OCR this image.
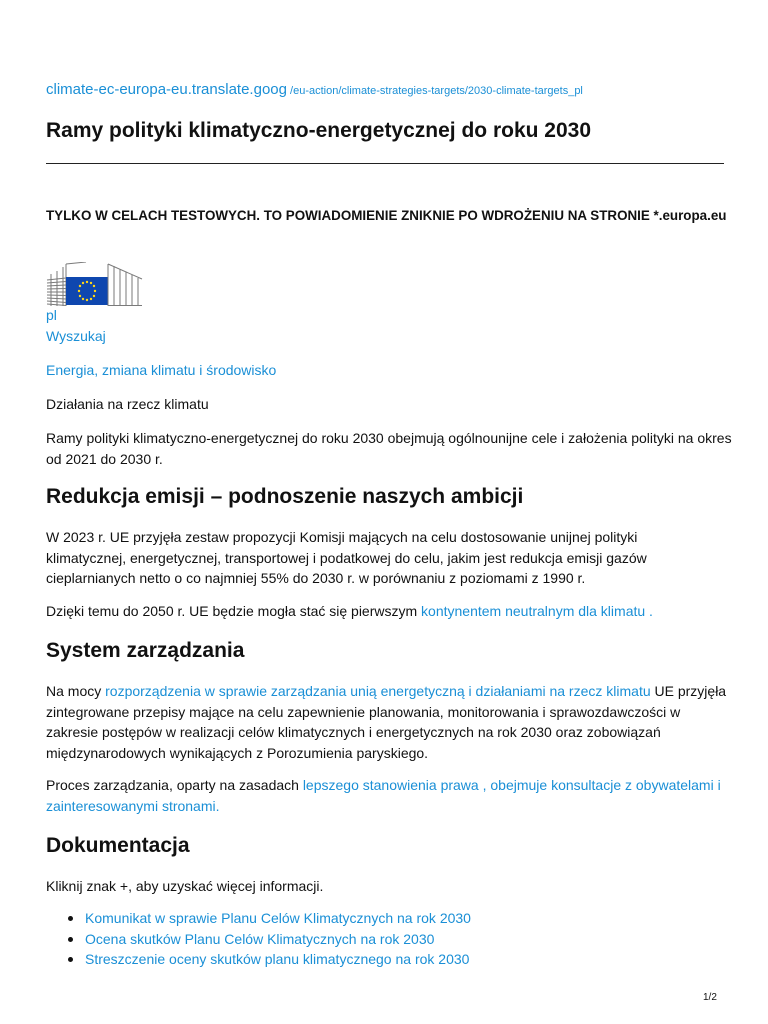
climate-ec-europa-eu.translate.goog /eu-action/climate-strategies-targets/2030-climate-targets_pl
Ramy polityki klimatyczno-energetycznej do roku 2030

TYLKO W CELACH TESTOWYCH. TO POWIADOMIENIE ZNIKNIE PO WDROŻENIU NA STRONIE *.europa.eu

pl
Wyszukaj
Energia, zmiana klimatu i środowisko

Działania na rzecz klimatu

Ramy polityki klimatyczno-energetycznej do roku 2030 obejmują ogólnounijne cele i założenia polityki na okres od 2021 do 2030 r.

Redukcja emisji – podnoszenie naszych ambicji

W 2023 r. UE przyjęła zestaw propozycji Komisji mających na celu dostosowanie unijnej polityki klimatycznej, energetycznej, transportowej i podatkowej do celu, jakim jest redukcja emisji gazów cieplarnianych netto o co najmniej 55% do 2030 r. w porównaniu z poziomami z 1990 r.

Dzięki temu do 2050 r. UE będzie mogła stać się pierwszym kontynentem neutralnym dla klimatu .

System zarządzania

Na mocy rozporządzenia w sprawie zarządzania unią energetyczną i działaniami na rzecz klimatu UE przyjęła zintegrowane przepisy mające na celu zapewnienie planowania, monitorowania i sprawozdawczości w zakresie postępów w realizacji celów klimatycznych i energetycznych na rok 2030 oraz zobowiązań międzynarodowych wynikających z Porozumienia paryskiego.

Proces zarządzania, oparty na zasadach lepszego stanowienia prawa , obejmuje konsultacje z obywatelami i zainteresowanymi stronami.

Dokumentacja

Kliknij znak +, aby uzyskać więcej informacji.

Komunikat w sprawie Planu Celów Klimatycznych na rok 2030
Ocena skutków Planu Celów Klimatycznych na rok 2030
Streszczenie oceny skutków planu klimatycznego na rok 2030
1/2
